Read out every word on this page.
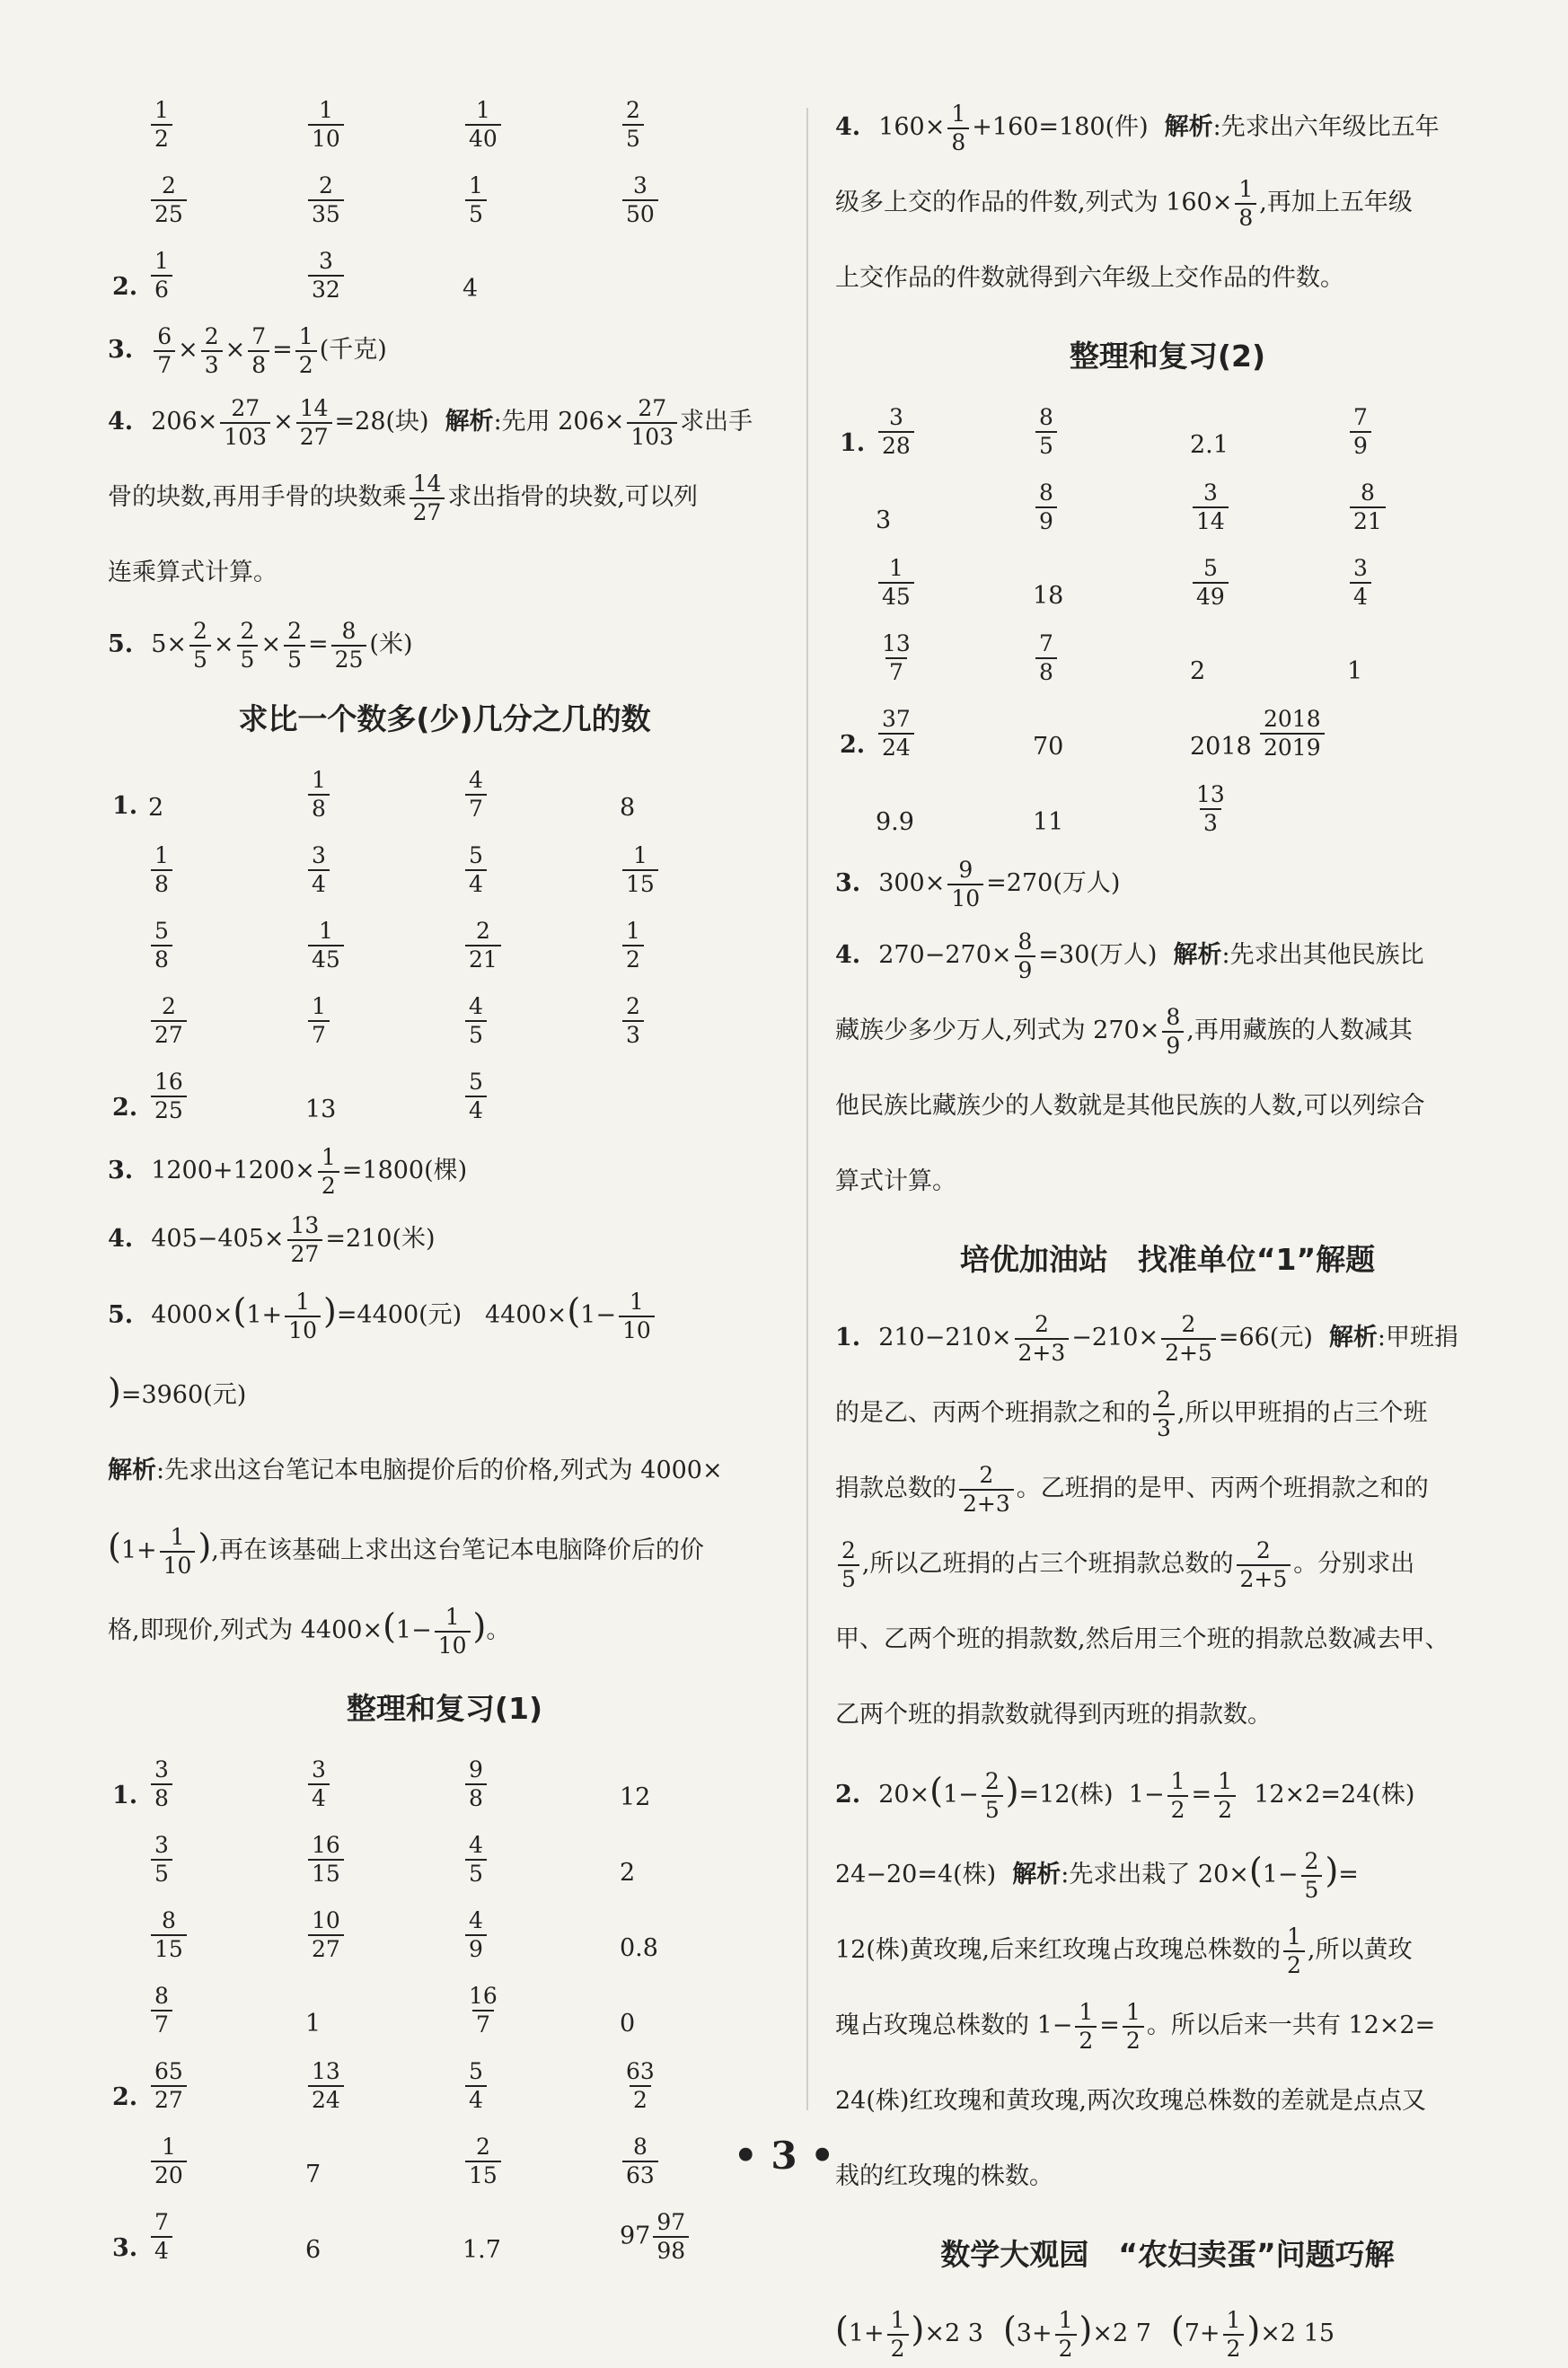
$\frac{1}{2}$	$\frac{1}{10}$	$\frac{1}{40}$	$\frac{2}{5}$
$\frac{2}{25}$	$\frac{2}{35}$	$\frac{1}{5}$	$\frac{3}{50}$
2. $\frac{1}{6}$	$\frac{3}{32}$	4
3. $\frac{6}{7} \times \frac{2}{3} \times \frac{7}{8} = \frac{1}{2}$ (千克)
4. $206\times \frac{27}{103} \times \frac{14}{27} =28$(块) 解析:先用 $206\times \frac{27}{103}$ 求出手
骨的块数,再用手骨的块数乘 $\frac{14}{27}$ 求出指骨的块数,可以列
连乘算式计算。
5. $5\times \frac{2}{5} \times \frac{2}{5} \times \frac{2}{5} = \frac{8}{25}$ (米)
求比一个数多(少)几分之几的数
1. 2	$\frac{1}{8}$	$\frac{4}{7}$	8
$\frac{1}{8}$	$\frac{3}{4}$	$\frac{5}{4}$	$\frac{1}{15}$
$\frac{5}{8}$	$\frac{1}{45}$	$\frac{2}{21}$	$\frac{1}{2}$
$\frac{2}{27}$	$\frac{1}{7}$	$\frac{4}{5}$	$\frac{2}{3}$
2. $\frac{16}{25}$	13	$\frac{5}{4}$
3. $1200+1200\times \frac{1}{2} =1800$(棵)
4. $405-405\times \frac{13}{27} =210$(米)
5. $4000\times(1+ \frac{1}{10} )=4400$(元) $4400\times(1- \frac{1}{10}$
)=3960(元)
解析:先求出这台笔记本电脑提价后的价格,列式为 4000×
($1+ \frac{1}{10}$ ),再在该基础上求出这台笔记本电脑降价后的价
格,即现价,列式为 $4400\times(1- \frac{1}{10}$ )。
整理和复习(1)
1. $\frac{3}{8}$	$\frac{3}{4}$	$\frac{9}{8}$	12
$\frac{3}{5}$	$\frac{16}{15}$	$\frac{4}{5}$	2
$\frac{8}{15}$	$\frac{10}{27}$	$\frac{4}{9}$	0.8
$\frac{8}{7}$	1	$\frac{16}{7}$	0
2. $\frac{65}{27}$	$\frac{13}{24}$	$\frac{5}{4}$	$\frac{63}{2}$
$\frac{1}{20}$	7	$\frac{2}{15}$	$\frac{8}{63}$
3. $\frac{7}{4}$	6	1.7	$97 \frac{97}{98}$
4. $160\times \frac{1}{8} +160=180$(件) 解析:先求出六年级比五年
级多上交的作品的件数,列式为 $160\times \frac{1}{8}$ ,再加上五年级
上交作品的件数就得到六年级上交作品的件数。
整理和复习(2)
1. $\frac{3}{28}$	$\frac{8}{5}$	2.1	$\frac{7}{9}$
3	$\frac{8}{9}$	$\frac{3}{14}$	$\frac{8}{21}$
$\frac{1}{45}$	18	$\frac{5}{49}$	$\frac{3}{4}$
$\frac{13}{7}$	$\frac{7}{8}$	2	1
2. $\frac{37}{24}$	70	$2018 \frac{2018}{2019}$
9.9	11	$\frac{13}{3}$
3. $300\times \frac{9}{10} =270$(万人)
4. $270-270\times \frac{8}{9} =30$(万人) 解析:先求出其他民族比
藏族少多少万人,列式为 $270\times \frac{8}{9}$ ,再用藏族的人数减其
他民族比藏族少的人数就是其他民族的人数,可以列综合
算式计算。
培优加油站　找准单位“1”解题
1. $210-210\times \frac{2}{2+3} -210\times \frac{2}{2+5} =66$(元) 解析:甲班捐
的是乙、丙两个班捐款之和的 $\frac{2}{3}$ ,所以甲班捐的占三个班
捐款总数的 $\frac{2}{2+3}$ 。乙班捐的是甲、丙两个班捐款之和的

$\frac{2}{5}$ ,所以乙班捐的占三个班捐款总数的 $\frac{2}{2+5}$ 。分别求出
甲、乙两个班的捐款数,然后用三个班的捐款总数减去甲、
乙两个班的捐款数就得到丙班的捐款数。
2. $20\times(1- \frac{2}{5} )=12$(株) $1- \frac{1}{2} = \frac{1}{2} 12\times 2=24$(株)
24−20=4(株) 解析:先求出栽了 $20\times(1- \frac{2}{5}$ )=
12(株)黄玫瑰,后来红玫瑰占玫瑰总株数的 $\frac{1}{2}$ ,所以黄玫
瑰占玫瑰总株数的 $1- \frac{1}{2} = \frac{1}{2}$ 。所以后来一共有 12×2=
24(株)红玫瑰和黄玫瑰,两次玫瑰总株数的差就是点点又
栽的红玫瑰的株数。
数学大观园　“农妇卖蛋”问题巧解
$(1+ \frac{1}{2} )\times 2$ 3 $(3+ \frac{1}{2} )\times 2$ 7 $(7+ \frac{1}{2} )\times 2$ 15
• 3 •
